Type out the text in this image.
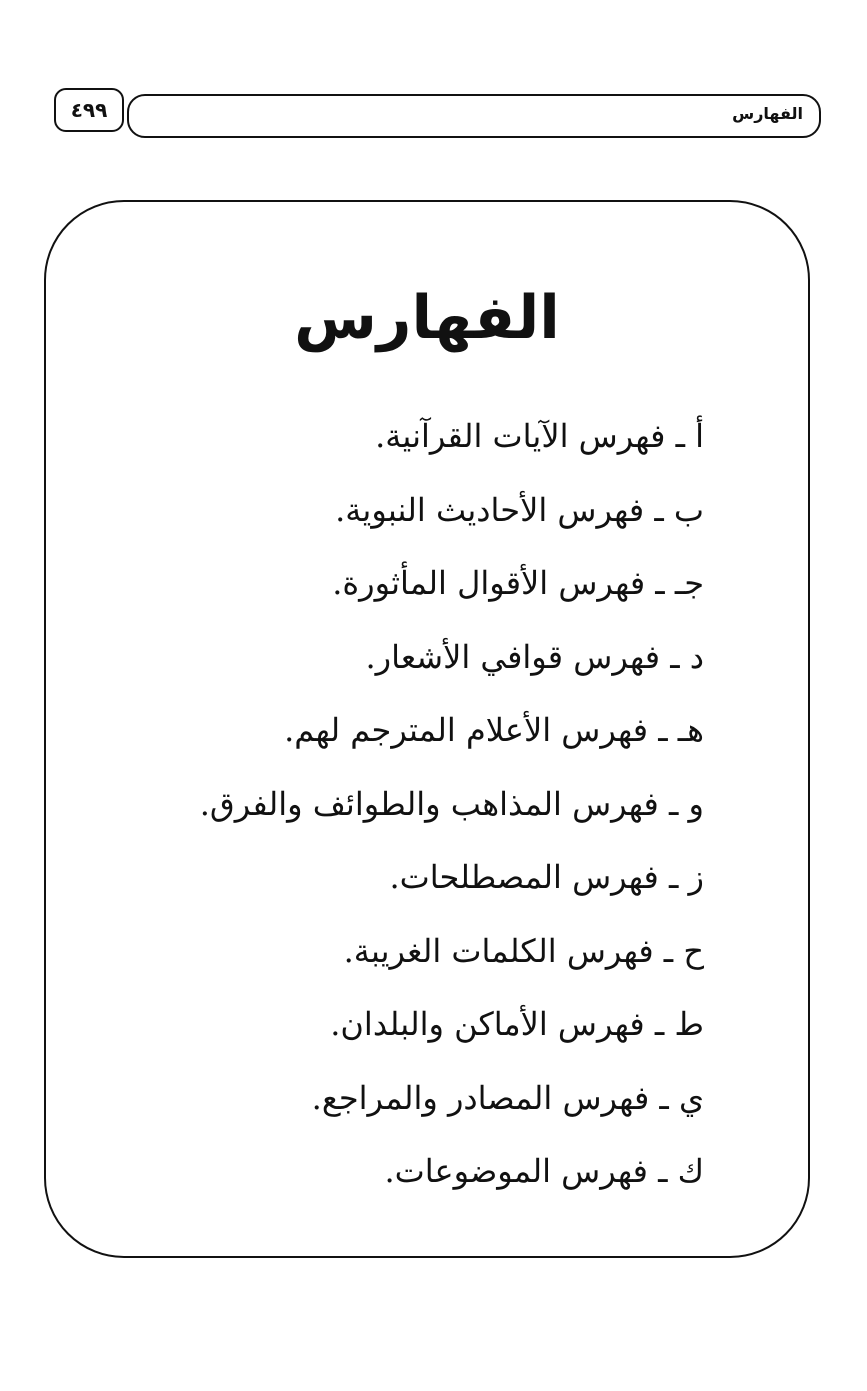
٤٩٩	الفهارس
الفهارس
أ ـ فهرس الآيات القرآنية.
ب ـ فهرس الأحاديث النبوية.
جـ ـ فهرس الأقوال المأثورة.
د ـ فهرس قوافي الأشعار.
هـ ـ فهرس الأعلام المترجم لهم.
و ـ فهرس المذاهب والطوائف والفرق.
ز ـ فهرس المصطلحات.
ح ـ فهرس الكلمات الغريبة.
ط ـ فهرس الأماكن والبلدان.
ي ـ فهرس المصادر والمراجع.
ك ـ فهرس الموضوعات.
